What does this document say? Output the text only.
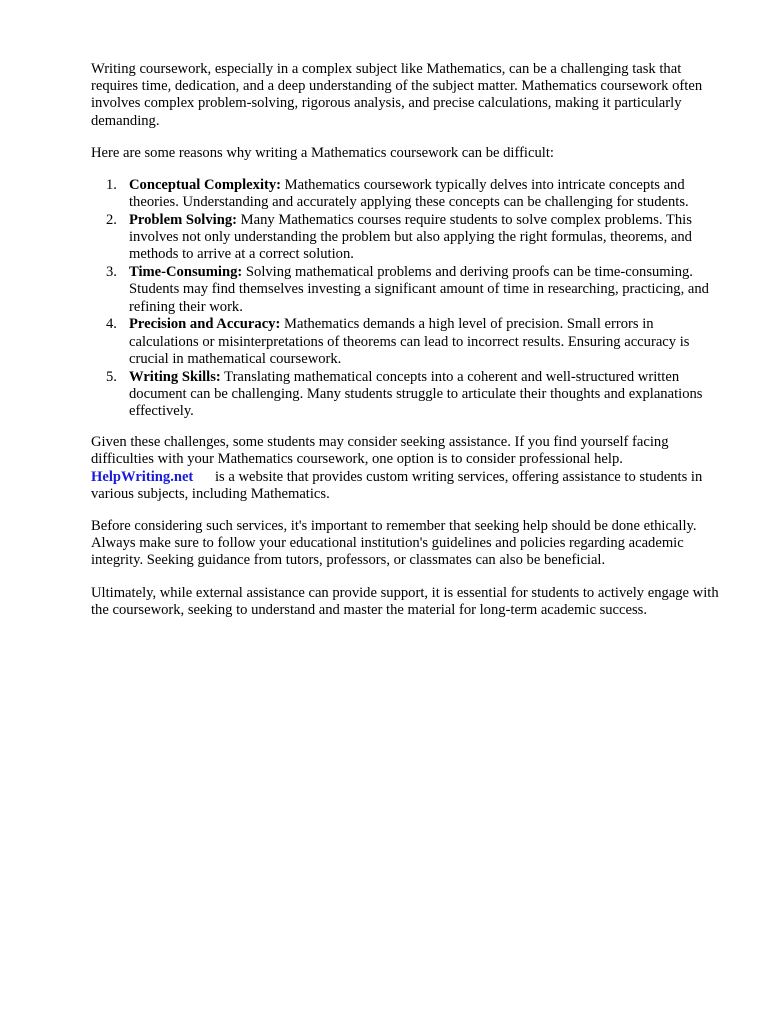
Writing coursework, especially in a complex subject like Mathematics, can be a challenging task that requires time, dedication, and a deep understanding of the subject matter. Mathematics coursework often involves complex problem-solving, rigorous analysis, and precise calculations, making it particularly demanding.

Here are some reasons why writing a Mathematics coursework can be difficult:

1. Conceptual Complexity: Mathematics coursework typically delves into intricate concepts and theories. Understanding and accurately applying these concepts can be challenging for students.
2. Problem Solving: Many Mathematics courses require students to solve complex problems. This involves not only understanding the problem but also applying the right formulas, theorems, and methods to arrive at a correct solution.
3. Time-Consuming: Solving mathematical problems and deriving proofs can be time-consuming. Students may find themselves investing a significant amount of time in researching, practicing, and refining their work.
4. Precision and Accuracy: Mathematics demands a high level of precision. Small errors in calculations or misinterpretations of theorems can lead to incorrect results. Ensuring accuracy is crucial in mathematical coursework.
5. Writing Skills: Translating mathematical concepts into a coherent and well-structured written document can be challenging. Many students struggle to articulate their thoughts and explanations effectively.

Given these challenges, some students may consider seeking assistance. If you find yourself facing difficulties with your Mathematics coursework, one option is to consider professional help. HelpWriting.net is a website that provides custom writing services, offering assistance to students in various subjects, including Mathematics.

Before considering such services, it's important to remember that seeking help should be done ethically. Always make sure to follow your educational institution's guidelines and policies regarding academic integrity. Seeking guidance from tutors, professors, or classmates can also be beneficial.

Ultimately, while external assistance can provide support, it is essential for students to actively engage with the coursework, seeking to understand and master the material for long-term academic success.
